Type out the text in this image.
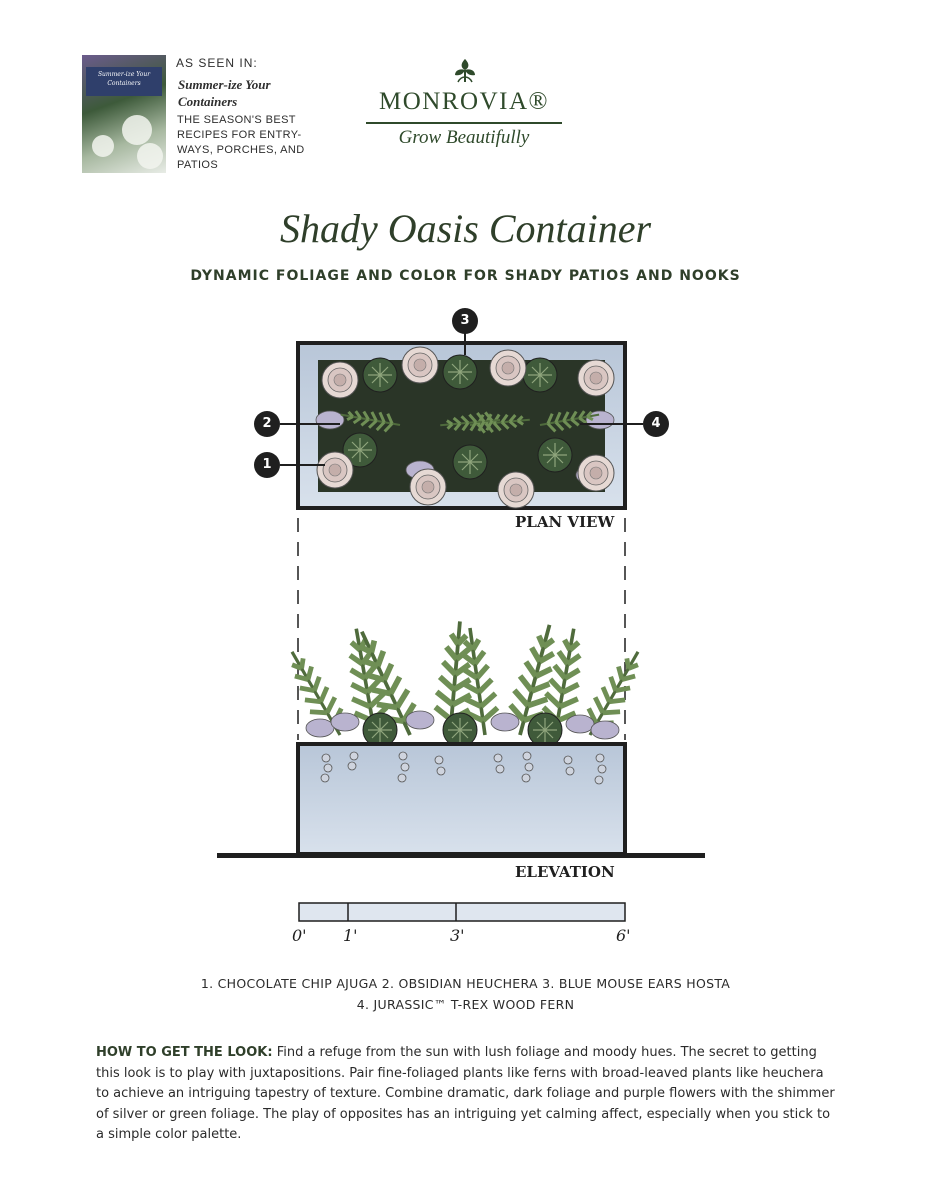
Summer-ize Your Containers
AS SEEN IN:
Summer-ize Your Containers
THE SEASON'S BEST RECIPES FOR ENTRY-WAYS, PORCHES, AND PATIOS
MONROVIA®
Grow Beautifully
Shady Oasis Container
DYNAMIC FOLIAGE AND COLOR FOR SHADY PATIOS AND NOOKS
3
2
1
4
PLAN VIEW
ELEVATION
0' 1'	3'	6'
1. CHOCOLATE CHIP AJUGA 2. OBSIDIAN HEUCHERA 3. BLUE MOUSE EARS HOSTA
4. JURASSIC™ T-REX WOOD FERN
HOW TO GET THE LOOK: Find a refuge from the sun with lush foliage and moody hues. The secret to getting this look is to play with juxtapositions. Pair fine-foliaged plants like ferns with broad-leaved plants like heuchera to achieve an intriguing tapestry of texture. Combine dramatic, dark foliage and purple flowers with the shimmer of silver or green foliage. The play of opposites has an intriguing yet calming affect, especially when you stick to a simple color palette.
